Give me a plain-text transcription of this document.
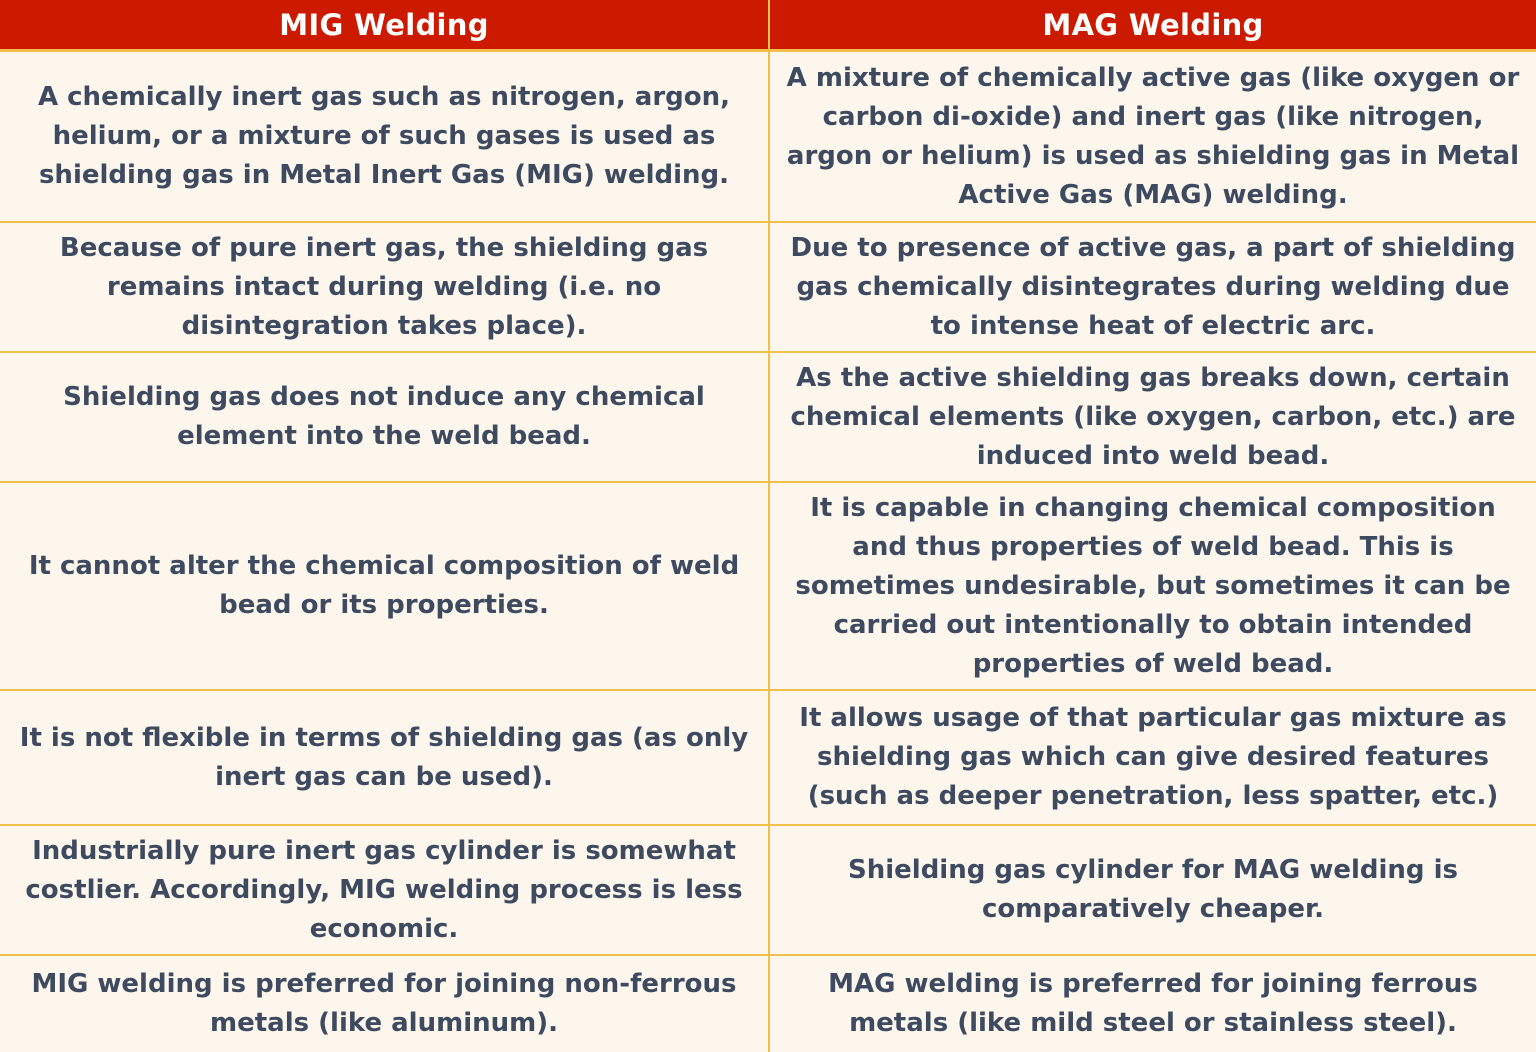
MIG Welding	MAG Welding
A chemically inert gas such as nitrogen, argon, helium, or a mixture of such gases is used as shielding gas in Metal Inert Gas (MIG) welding.
A mixture of chemically active gas (like oxygen or carbon di-oxide) and inert gas (like nitrogen, argon or helium) is used as shielding gas in Metal Active Gas (MAG) welding.
Because of pure inert gas, the shielding gas remains intact during welding (i.e. no disintegration takes place).
Due to presence of active gas, a part of shielding gas chemically disintegrates during welding due to intense heat of electric arc.
Shielding gas does not induce any chemical element into the weld bead.
As the active shielding gas breaks down, certain chemical elements (like oxygen, carbon, etc.) are induced into weld bead.
It cannot alter the chemical composition of weld bead or its properties.
It is capable in changing chemical composition and thus properties of weld bead. This is sometimes undesirable, but sometimes it can be carried out intentionally to obtain intended properties of weld bead.
It is not flexible in terms of shielding gas (as only inert gas can be used).
It allows usage of that particular gas mixture as shielding gas which can give desired features (such as deeper penetration, less spatter, etc.)
Industrially pure inert gas cylinder is somewhat costlier. Accordingly, MIG welding process is less economic.
Shielding gas cylinder for MAG welding is comparatively cheaper.
MIG welding is preferred for joining non-ferrous metals (like aluminum).
MAG welding is preferred for joining ferrous metals (like mild steel or stainless steel).
